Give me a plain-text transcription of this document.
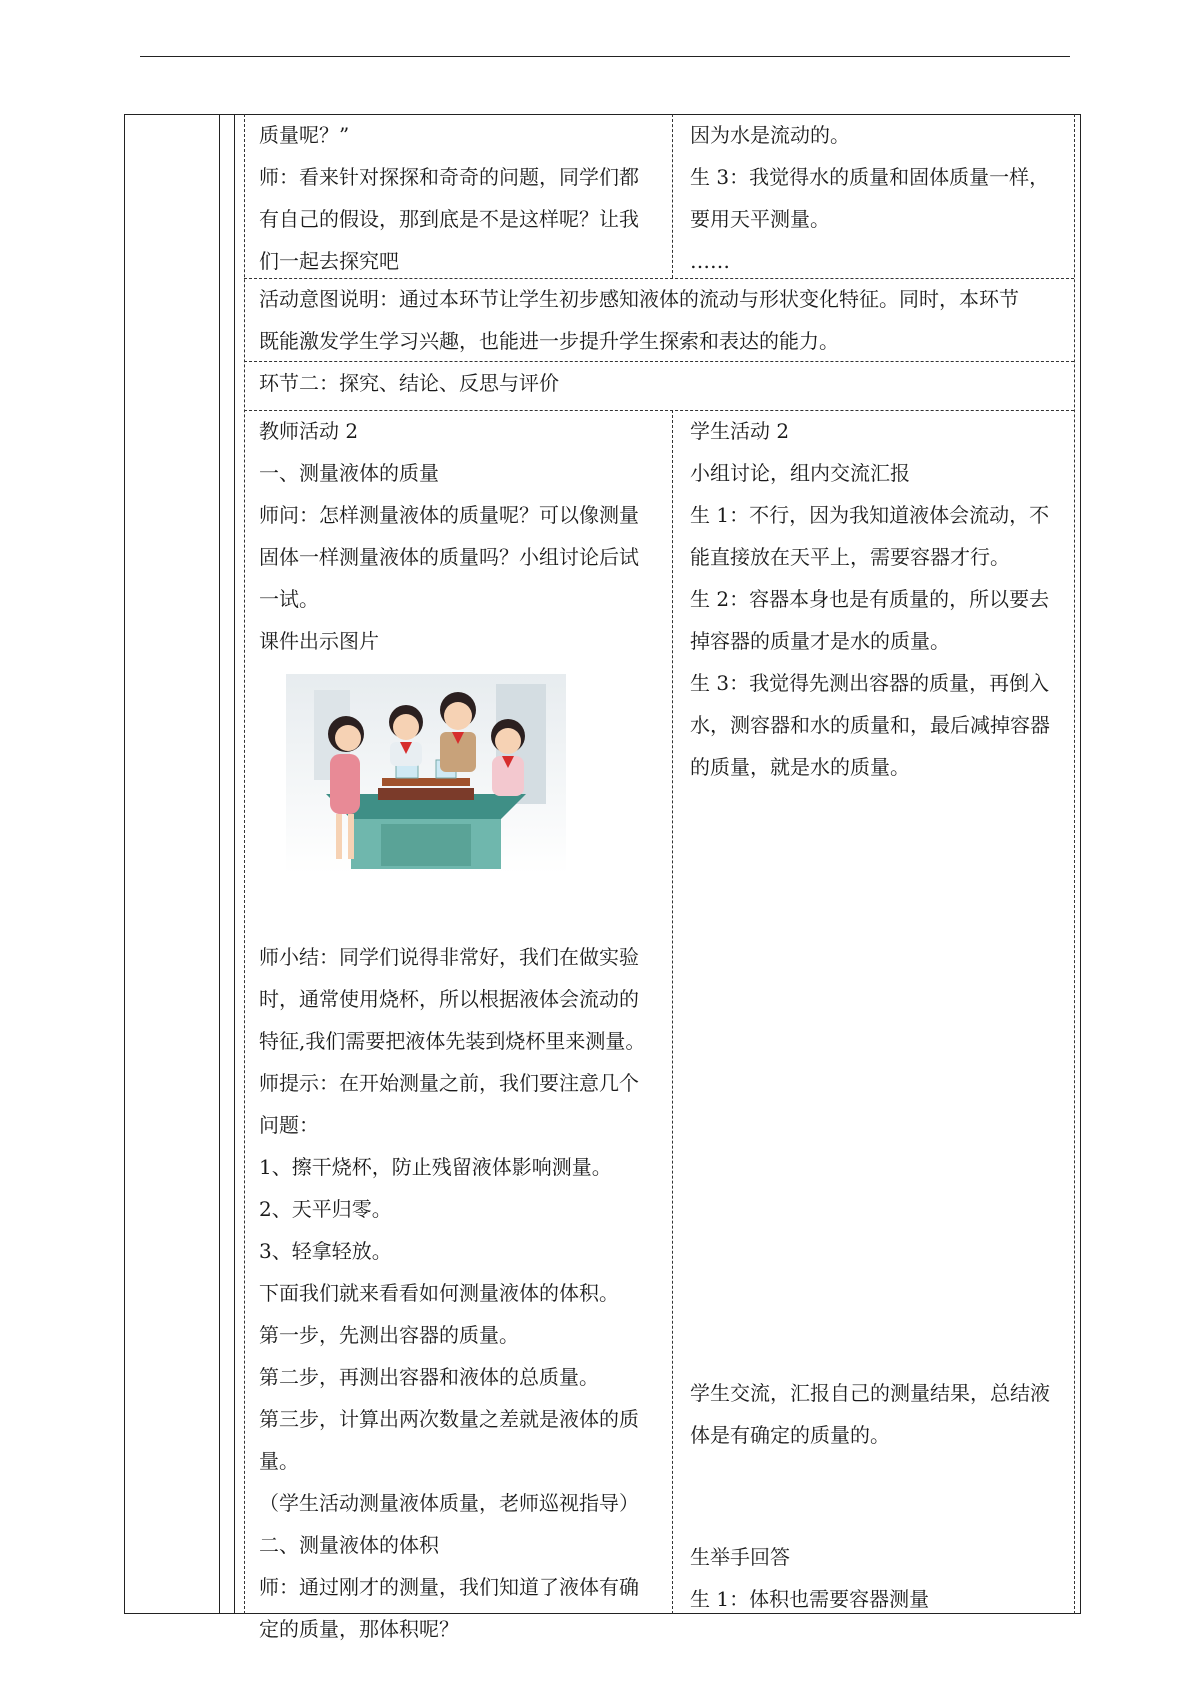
质量呢？”
师：看来针对探探和奇奇的问题，同学们都
有自己的假设，那到底是不是这样呢？让我
们一起去探究吧
因为水是流动的。
生 3：我觉得水的质量和固体质量一样，
要用天平测量。
……
活动意图说明：通过本环节让学生初步感知液体的流动与形状变化特征。同时，本环节
既能激发学生学习兴趣，也能进一步提升学生探索和表达的能力。
环节二：探究、结论、反思与评价
教师活动 2
一、测量液体的质量
师问：怎样测量液体的质量呢？可以像测量
固体一样测量液体的质量吗？小组讨论后试
一试。
课件出示图片
师小结：同学们说得非常好，我们在做实验
时，通常使用烧杯，所以根据液体会流动的
特征,我们需要把液体先装到烧杯里来测量。
师提示：在开始测量之前，我们要注意几个
问题：
1、擦干烧杯，防止残留液体影响测量。
2、天平归零。
3、轻拿轻放。
下面我们就来看看如何测量液体的体积。
第一步，先测出容器的质量。
第二步，再测出容器和液体的总质量。
第三步，计算出两次数量之差就是液体的质
量。
（学生活动测量液体质量，老师巡视指导）
二、测量液体的体积
师：通过刚才的测量，我们知道了液体有确
定的质量，那体积呢？
学生活动 2
小组讨论，组内交流汇报
生 1：不行，因为我知道液体会流动，不
能直接放在天平上，需要容器才行。
生 2：容器本身也是有质量的，所以要去
掉容器的质量才是水的质量。
生 3：我觉得先测出容器的质量，再倒入
水，测容器和水的质量和，最后减掉容器
的质量，就是水的质量。
学生交流，汇报自己的测量结果，总结液
体是有确定的质量的。
生举手回答
生 1：体积也需要容器测量
